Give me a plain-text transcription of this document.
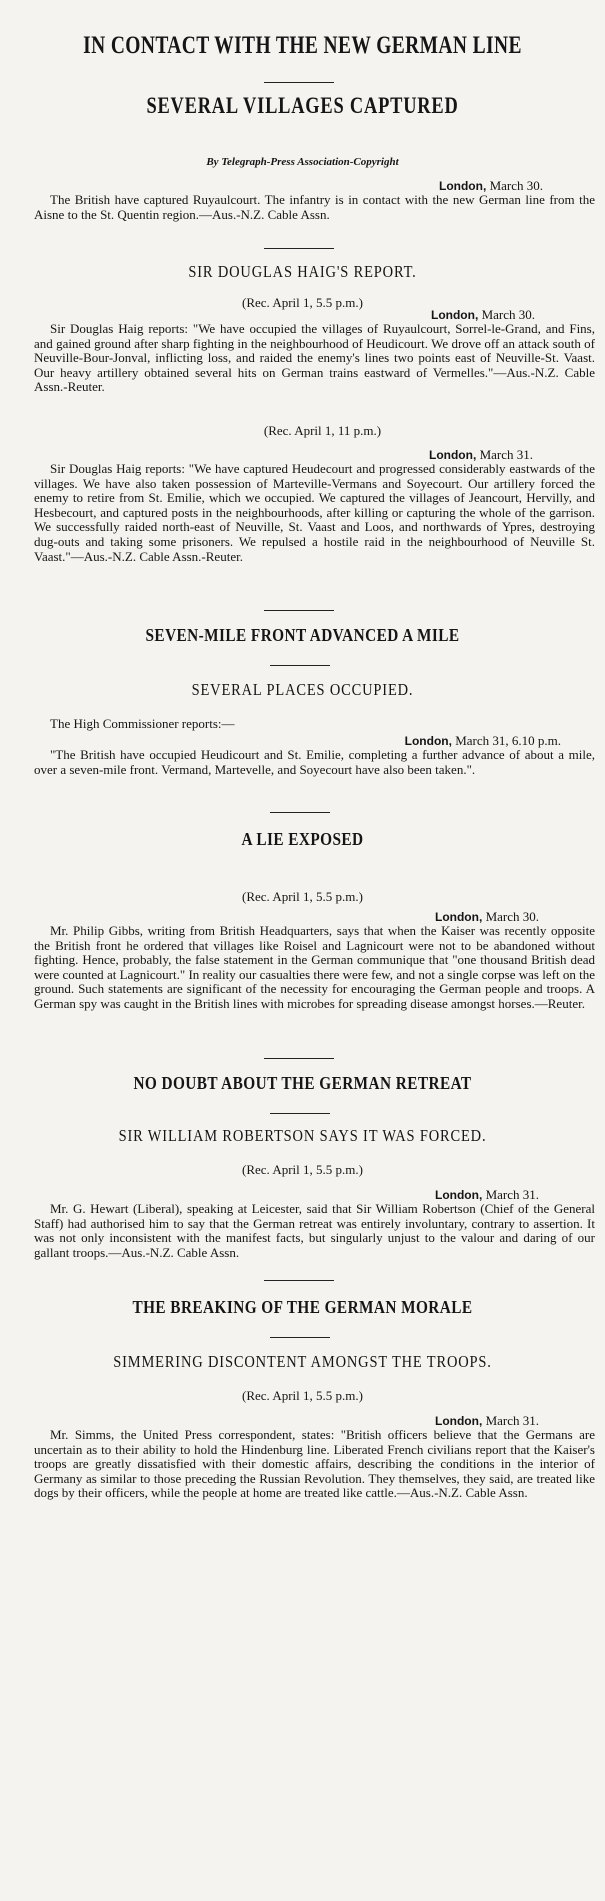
IN CONTACT WITH THE NEW GERMAN LINE
SEVERAL VILLAGES CAPTURED
By Telegraph-Press Association-Copyright
London, March 30.
The British have captured Ruyaulcourt. The infantry is in contact with the new German line from the Aisne to the St. Quentin region.—Aus.-N.Z. Cable Assn.
SIR DOUGLAS HAIG'S REPORT.
(Rec. April 1, 5.5 p.m.)
London, March 30.
Sir Douglas Haig reports: "We have occupied the villages of Ruyaulcourt, Sorrel-le-Grand, and Fins, and gained ground after sharp fighting in the neighbourhood of Heudicourt. We drove off an attack south of Neuville-Bour-Jonval, inflicting loss, and raided the enemy's lines two points east of Neuville-St. Vaast. Our heavy artillery obtained several hits on German trains eastward of Vermelles."—Aus.-N.Z. Cable Assn.-Reuter.
(Rec. April 1, 11 p.m.)
London, March 31.
Sir Douglas Haig reports: "We have captured Heudecourt and progressed considerably eastwards of the villages. We have also taken possession of Marteville-Vermans and Soyecourt. Our artillery forced the enemy to retire from St. Emilie, which we occupied. We captured the villages of Jeancourt, Hervilly, and Hesbecourt, and captured posts in the neighbourhoods, after killing or capturing the whole of the garrison. We successfully raided north-east of Neuville, St. Vaast and Loos, and northwards of Ypres, destroying dug-outs and taking some prisoners. We repulsed a hostile raid in the neighbourhood of Neuville St. Vaast."—Aus.-N.Z. Cable Assn.-Reuter.
SEVEN-MILE FRONT ADVANCED A MILE
SEVERAL PLACES OCCUPIED.
The High Commissioner reports:—
London, March 31, 6.10 p.m.
"The British have occupied Heudicourt and St. Emilie, completing a further advance of about a mile, over a seven-mile front. Vermand, Martevelle, and Soyecourt have also been taken.".
A LIE EXPOSED
(Rec. April 1, 5.5 p.m.)
London, March 30.
Mr. Philip Gibbs, writing from British Headquarters, says that when the Kaiser was recently opposite the British front he ordered that villages like Roisel and Lagnicourt were not to be abandoned without fighting. Hence, probably, the false statement in the German communique that "one thousand British dead were counted at Lagnicourt." In reality our casualties there were few, and not a single corpse was left on the ground. Such statements are significant of the necessity for encouraging the German people and troops. A German spy was caught in the British lines with microbes for spreading disease amongst horses.—Reuter.
NO DOUBT ABOUT THE GERMAN RETREAT
SIR WILLIAM ROBERTSON SAYS IT WAS FORCED.
(Rec. April 1, 5.5 p.m.)
London, March 31.
Mr. G. Hewart (Liberal), speaking at Leicester, said that Sir William Robertson (Chief of the General Staff) had authorised him to say that the German retreat was entirely involuntary, contrary to assertion. It was not only inconsistent with the manifest facts, but singularly unjust to the valour and daring of our gallant troops.—Aus.-N.Z. Cable Assn.
THE BREAKING OF THE GERMAN MORALE
SIMMERING DISCONTENT AMONGST THE TROOPS.
(Rec. April 1, 5.5 p.m.)
London, March 31.
Mr. Simms, the United Press correspondent, states: "British officers believe that the Germans are uncertain as to their ability to hold the Hindenburg line. Liberated French civilians report that the Kaiser's troops are greatly dissatisfied with their domestic affairs, describing the conditions in the interior of Germany as similar to those preceding the Russian Revolution. They themselves, they said, are treated like dogs by their officers, while the people at home are treated like cattle.—Aus.-N.Z. Cable Assn.
